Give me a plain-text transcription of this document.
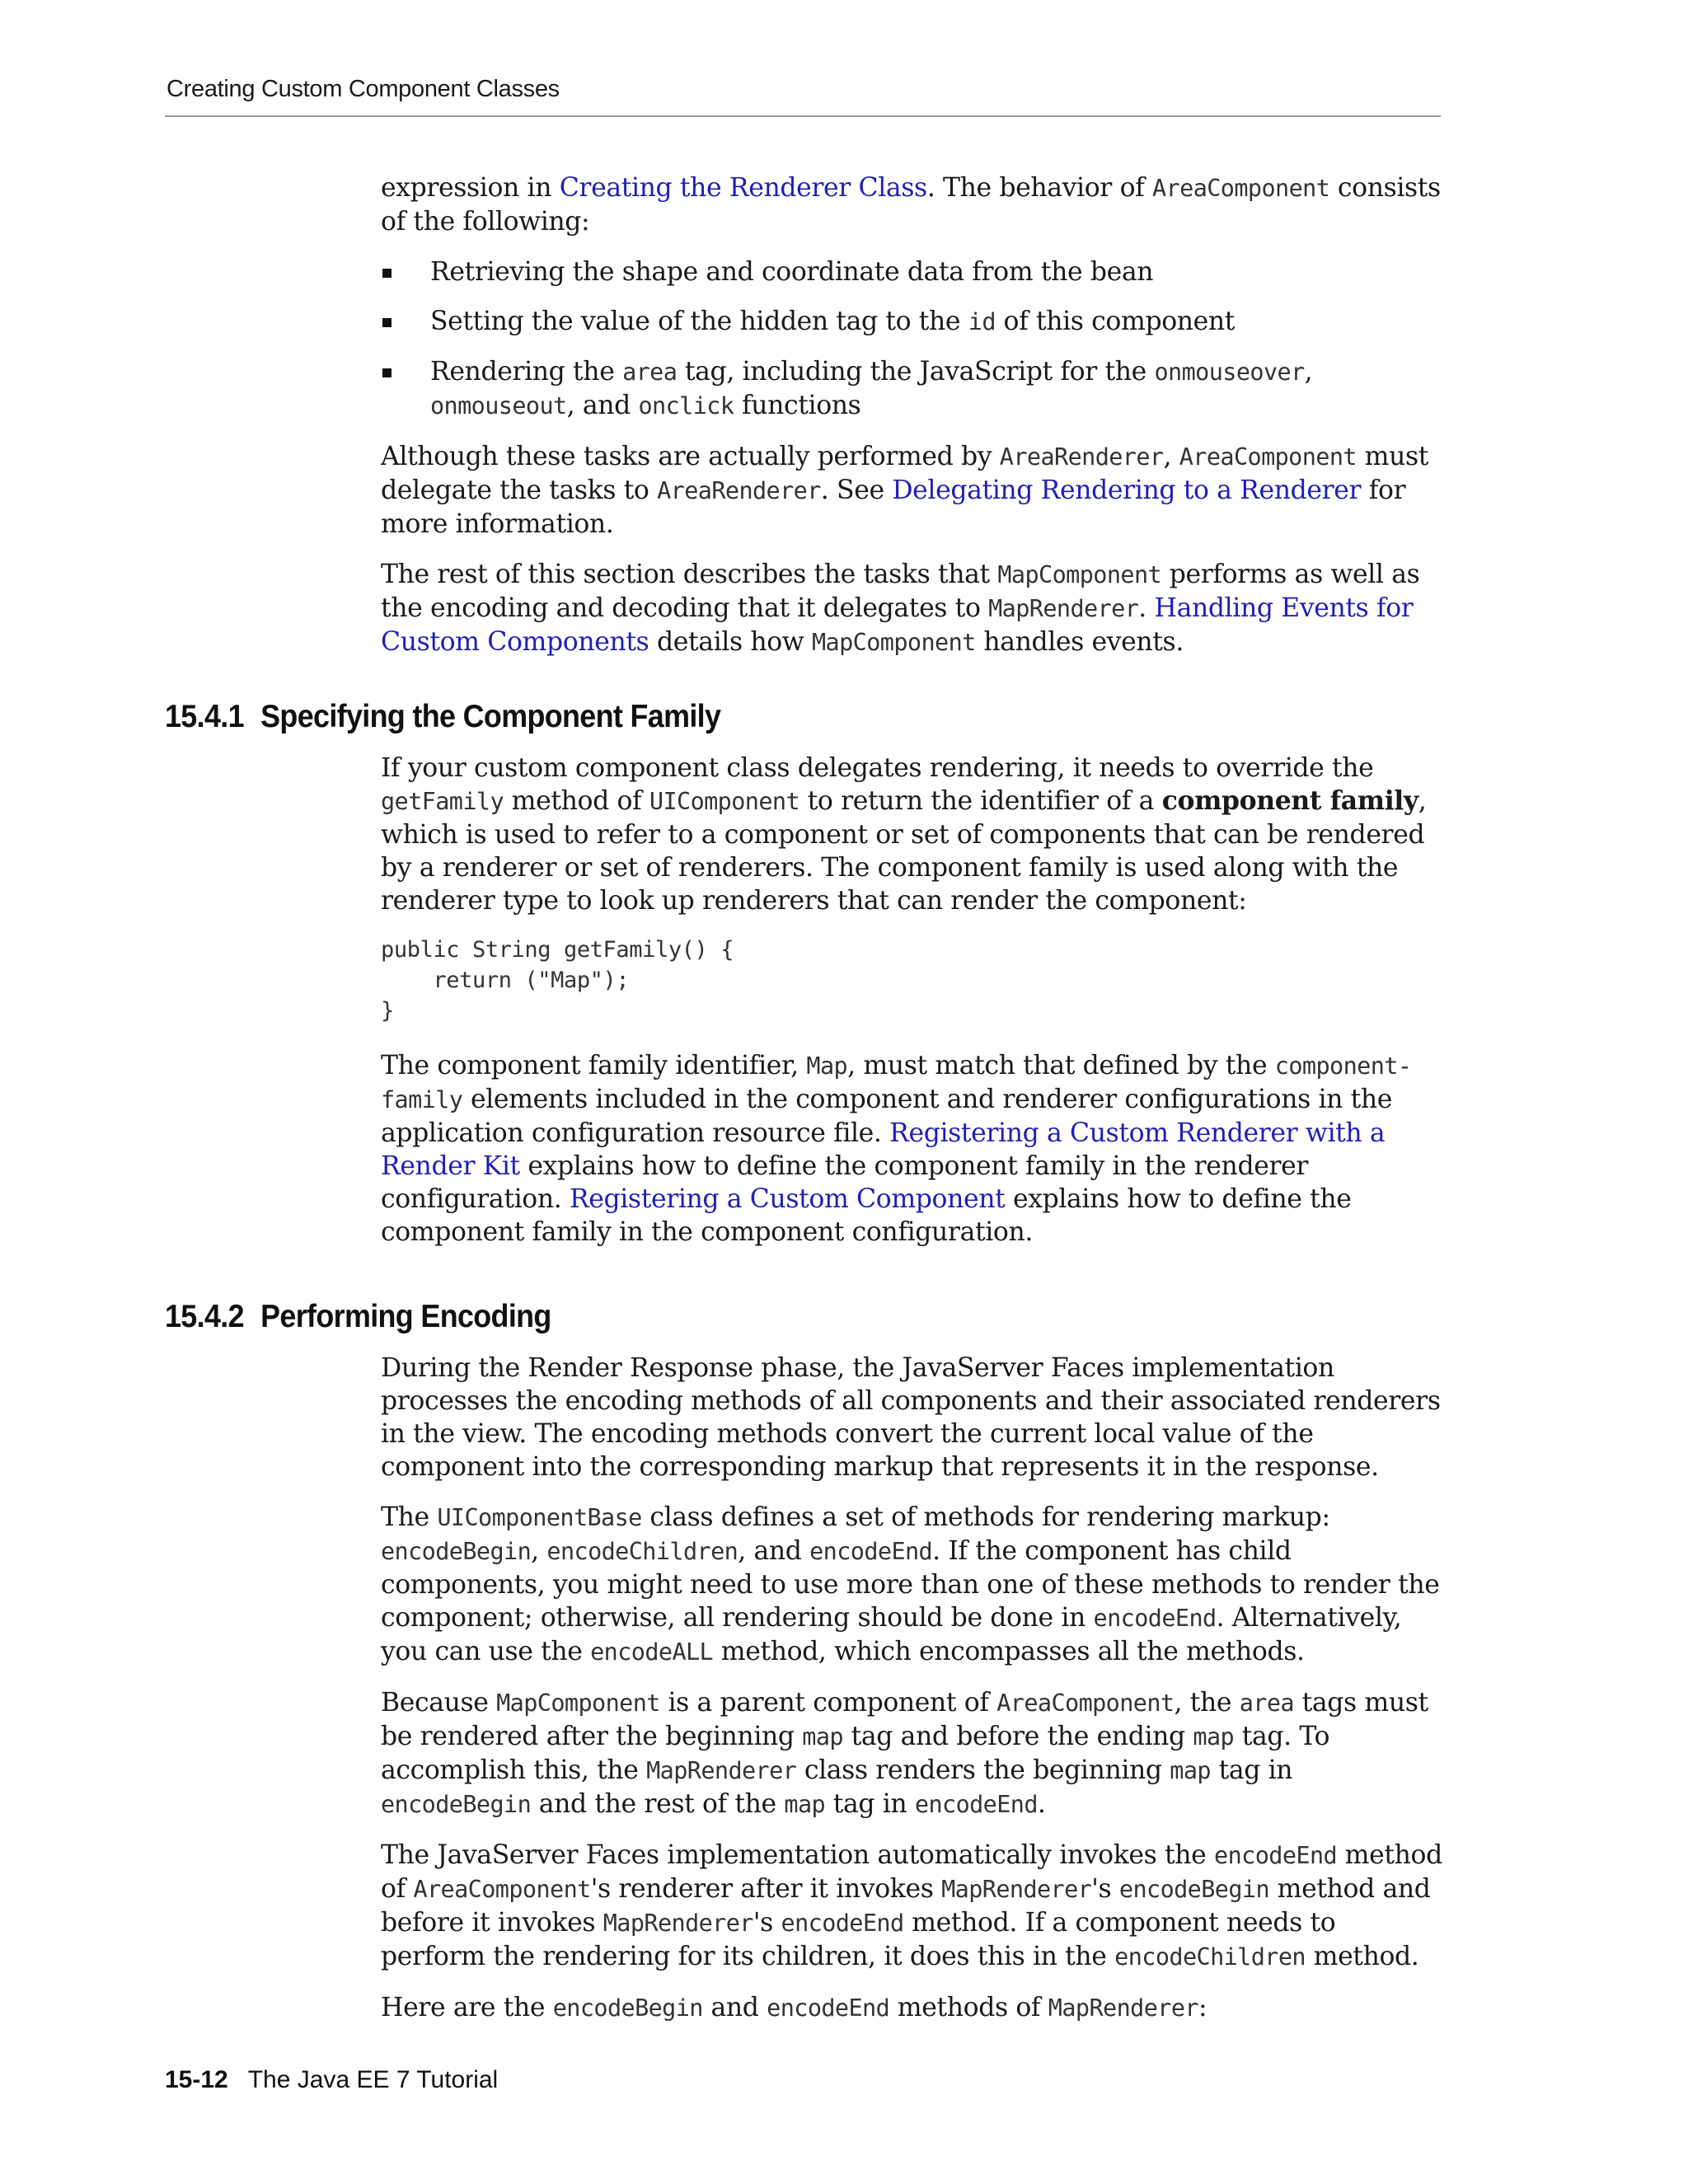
Creating Custom Component Classes

expression in Creating the Renderer Class. The behavior of AreaComponent consists of the following:

Retrieving the shape and coordinate data from the bean
Setting the value of the hidden tag to the id of this component
Rendering the area tag, including the JavaScript for the onmouseover, onmouseout, and onclick functions

Although these tasks are actually performed by AreaRenderer, AreaComponent must delegate the tasks to AreaRenderer. See Delegating Rendering to a Renderer for more information.

The rest of this section describes the tasks that MapComponent performs as well as the encoding and decoding that it delegates to MapRenderer. Handling Events for Custom Components details how MapComponent handles events.

15.4.1 Specifying the Component Family

If your custom component class delegates rendering, it needs to override the getFamily method of UIComponent to return the identifier of a component family, which is used to refer to a component or set of components that can be rendered by a renderer or set of renderers. The component family is used along with the renderer type to look up renderers that can render the component:

public String getFamily() {
return ("Map");
}

The component family identifier, Map, must match that defined by the component-family elements included in the component and renderer configurations in the application configuration resource file. Registering a Custom Renderer with a Render Kit explains how to define the component family in the renderer configuration. Registering a Custom Component explains how to define the component family in the component configuration.

15.4.2 Performing Encoding

During the Render Response phase, the JavaServer Faces implementation processes the encoding methods of all components and their associated renderers in the view. The encoding methods convert the current local value of the component into the corresponding markup that represents it in the response.

The UIComponentBase class defines a set of methods for rendering markup: encodeBegin, encodeChildren, and encodeEnd. If the component has child components, you might need to use more than one of these methods to render the component; otherwise, all rendering should be done in encodeEnd. Alternatively, you can use the encodeALL method, which encompasses all the methods.

Because MapComponent is a parent component of AreaComponent, the area tags must be rendered after the beginning map tag and before the ending map tag. To accomplish this, the MapRenderer class renders the beginning map tag in encodeBegin and the rest of the map tag in encodeEnd.

The JavaServer Faces implementation automatically invokes the encodeEnd method of AreaComponent's renderer after it invokes MapRenderer's encodeBegin method and before it invokes MapRenderer's encodeEnd method. If a component needs to perform the rendering for its children, it does this in the encodeChildren method.

Here are the encodeBegin and encodeEnd methods of MapRenderer:

15-12 The Java EE 7 Tutorial
